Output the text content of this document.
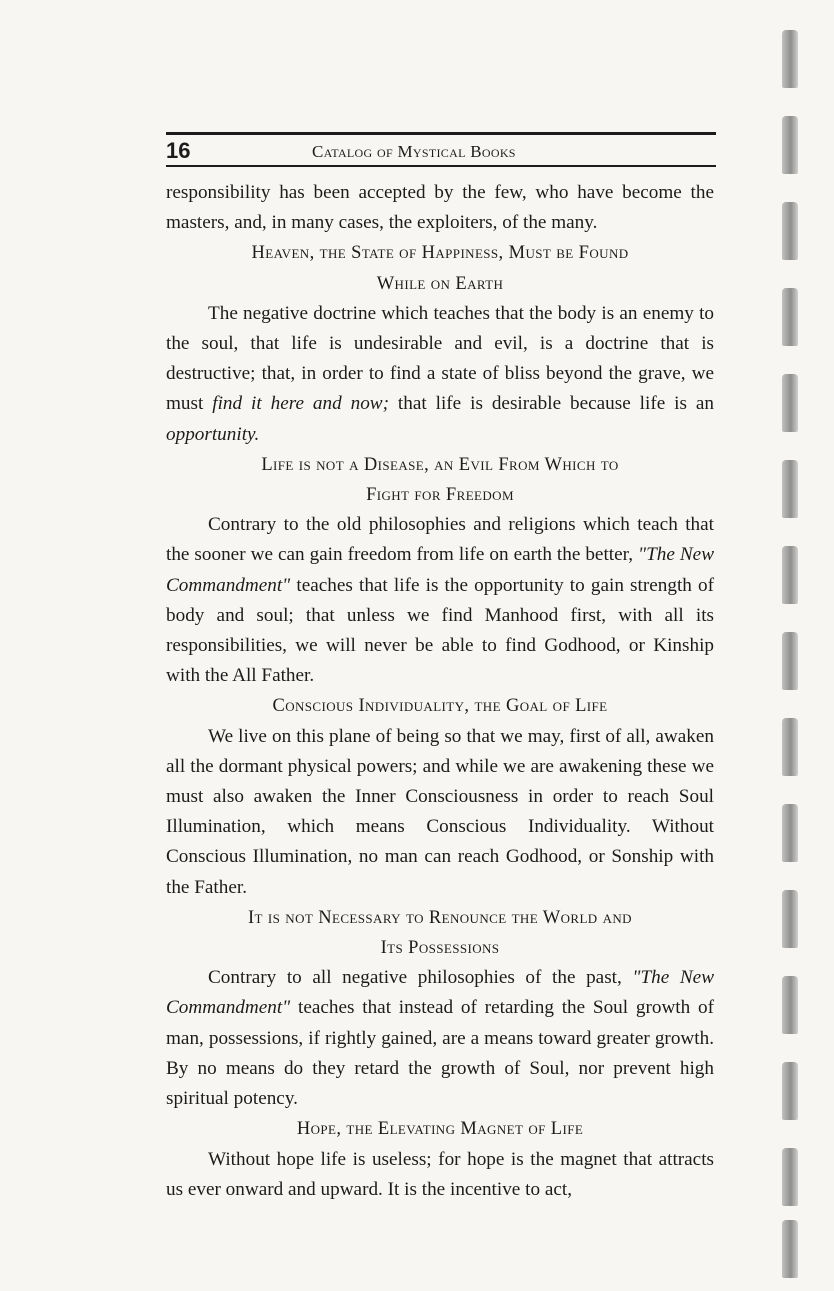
16	Catalog of Mystical Books

responsibility has been accepted by the few, who have become the masters, and, in many cases, the exploiters, of the many.

Heaven, the State of Happiness, Must be Found
While on Earth

The negative doctrine which teaches that the body is an enemy to the soul, that life is undesirable and evil, is a doctrine that is destructive; that, in order to find a state of bliss beyond the grave, we must find it here and now; that life is desirable because life is an opportunity.

Life is not a Disease, an Evil From Which to
Fight for Freedom

Contrary to the old philosophies and religions which teach that the sooner we can gain freedom from life on earth the better, "The New Commandment" teaches that life is the opportunity to gain strength of body and soul; that unless we find Manhood first, with all its responsibilities, we will never be able to find Godhood, or Kinship with the All Father.

Conscious Individuality, the Goal of Life

We live on this plane of being so that we may, first of all, awaken all the dormant physical powers; and while we are awakening these we must also awaken the Inner Consciousness in order to reach Soul Illumination, which means Conscious Individuality. Without Conscious Illumination, no man can reach Godhood, or Sonship with the Father.

It is not Necessary to Renounce the World and
Its Possessions

Contrary to all negative philosophies of the past, "The New Commandment" teaches that instead of retarding the Soul growth of man, possessions, if rightly gained, are a means toward greater growth. By no means do they retard the growth of Soul, nor prevent high spiritual potency.

Hope, the Elevating Magnet of Life

Without hope life is useless; for hope is the magnet that attracts us ever onward and upward. It is the incentive to act,
